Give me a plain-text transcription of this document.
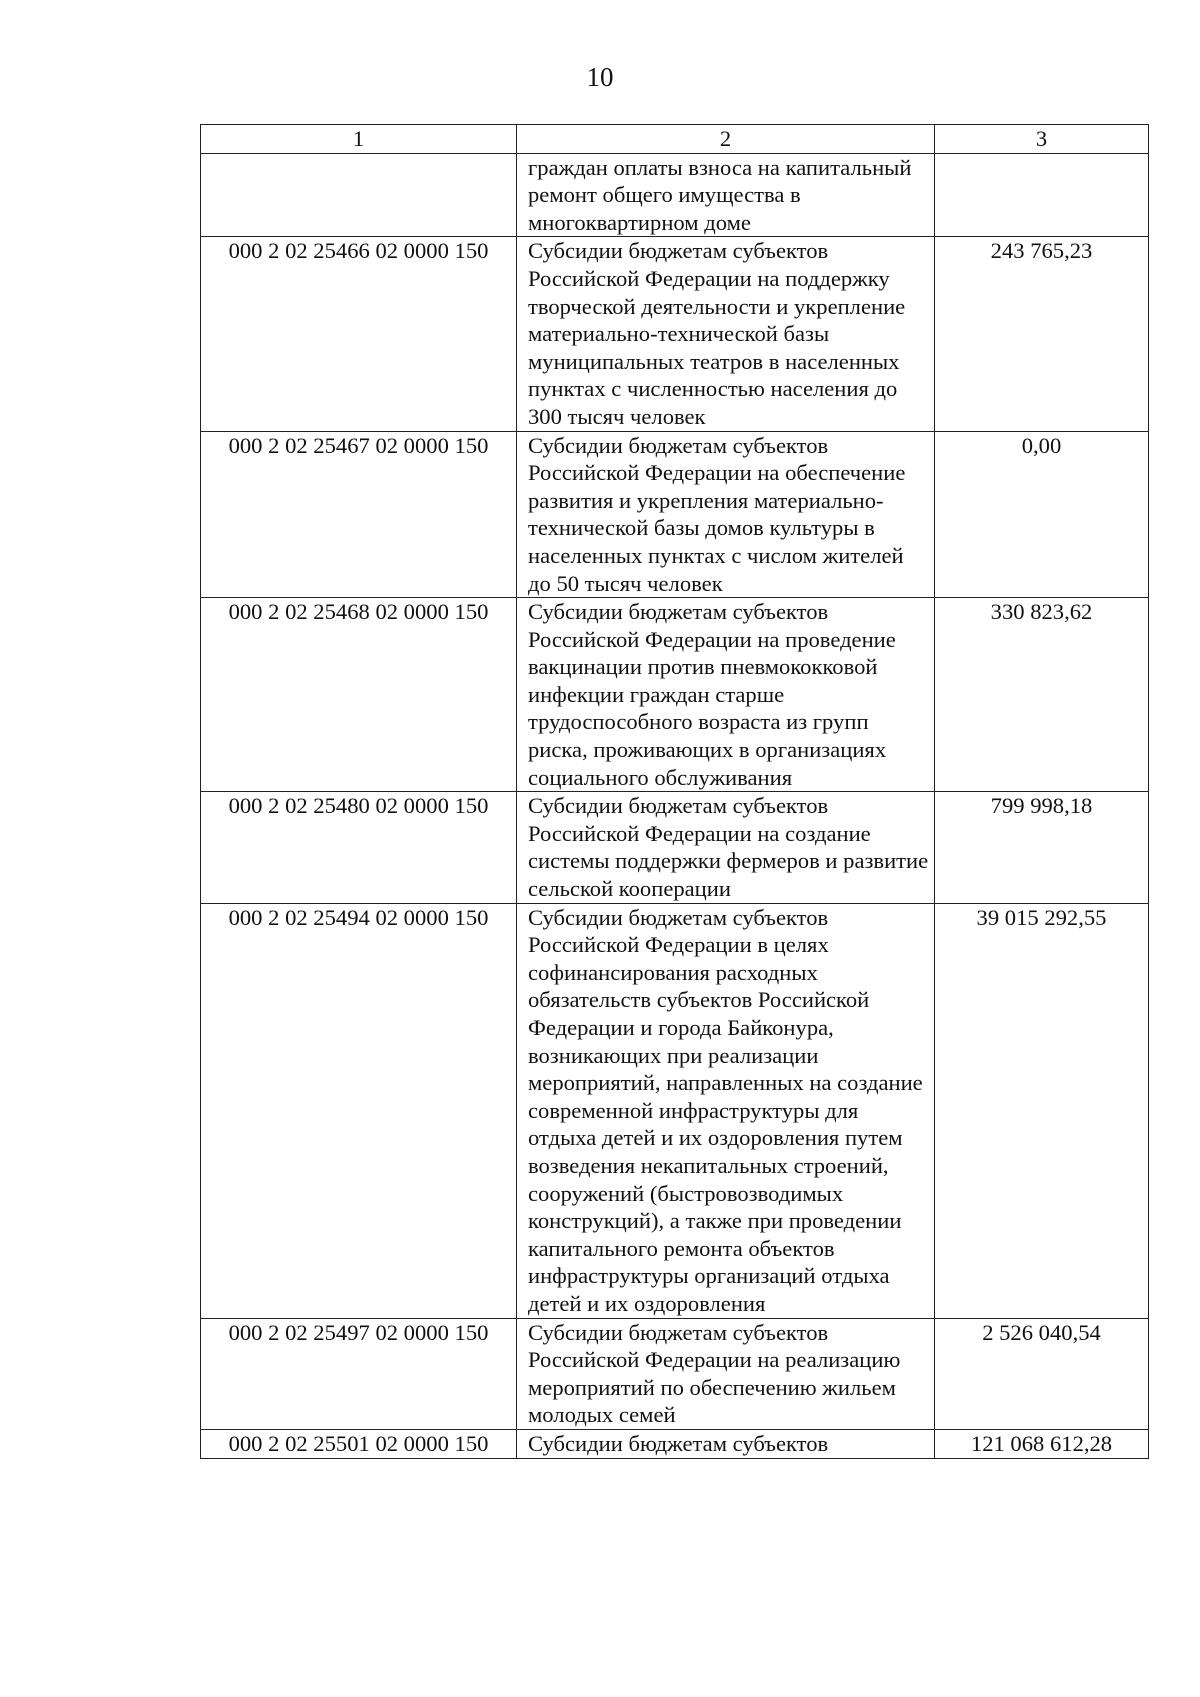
10
1	2	3
	граждан оплаты взноса на капитальный ремонт общего имущества в многоквартирном доме	
000 2 02 25466 02 0000 150	Субсидии бюджетам субъектов Российской Федерации на поддержку творческой деятельности и укрепление материально-технической базы муниципальных театров в населенных пунктах с численностью населения до 300 тысяч человек	243 765,23
000 2 02 25467 02 0000 150	Субсидии бюджетам субъектов Российской Федерации на обеспечение развития и укрепления материально-технической базы домов культуры в населенных пунктах с числом жителей до 50 тысяч человек	0,00
000 2 02 25468 02 0000 150	Субсидии бюджетам субъектов Российской Федерации на проведение вакцинации против пневмококковой инфекции граждан старше трудоспособного возраста из групп риска, проживающих в организациях социального обслуживания	330 823,62
000 2 02 25480 02 0000 150	Субсидии бюджетам субъектов Российской Федерации на создание системы поддержки фермеров и развитие сельской кооперации	799 998,18
000 2 02 25494 02 0000 150	Субсидии бюджетам субъектов Российской Федерации в целях софинансирования расходных обязательств субъектов Российской Федерации и города Байконура, возникающих при реализации мероприятий, направленных на создание современной инфраструктуры для отдыха детей и их оздоровления путем возведения некапитальных строений, сооружений (быстровозводимых конструкций), а также при проведении капитального ремонта объектов инфраструктуры организаций отдыха детей и их оздоровления	39 015 292,55
000 2 02 25497 02 0000 150	Субсидии бюджетам субъектов Российской Федерации на реализацию мероприятий по обеспечению жильем молодых семей	2 526 040,54
000 2 02 25501 02 0000 150	Субсидии бюджетам субъектов	121 068 612,28
